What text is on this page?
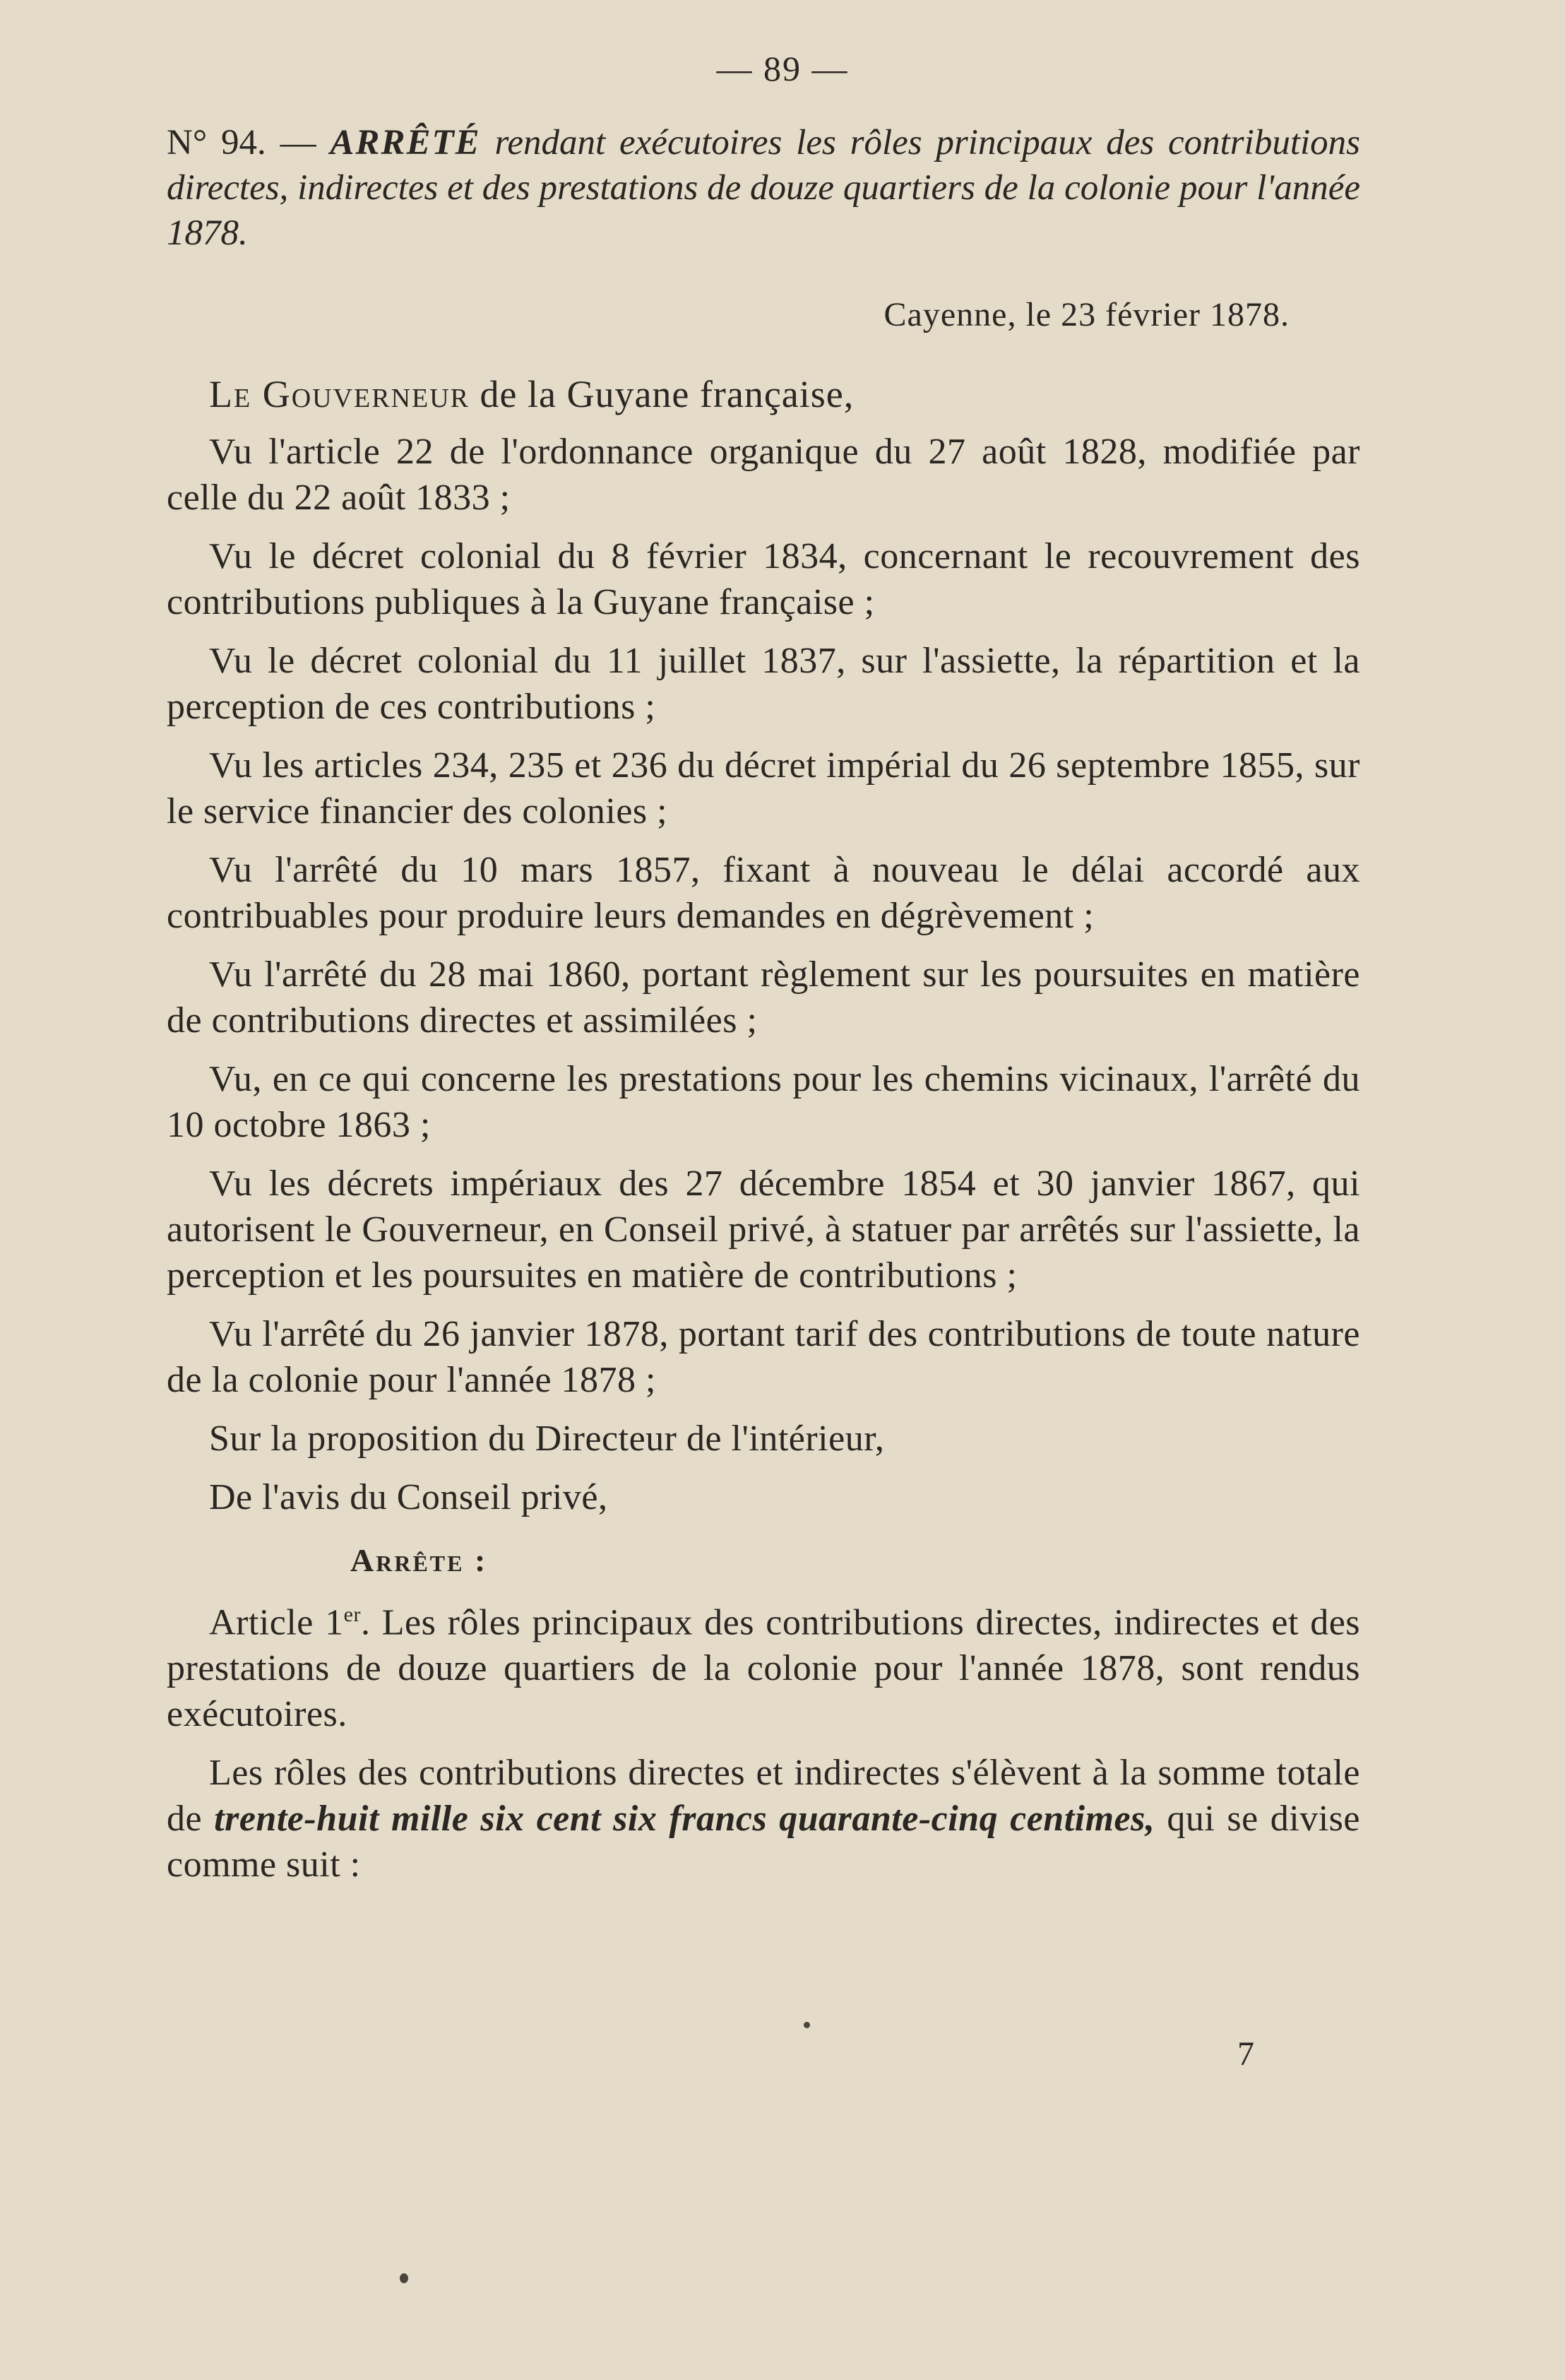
— 89 —

N° 94. — ARRÊTÉ rendant exécutoires les rôles principaux des contributions directes, indirectes et des prestations de douze quartiers de la colonie pour l'année 1878.

Cayenne, le 23 février 1878.
Le Gouverneur de la Guyane française,

Vu l'article 22 de l'ordonnance organique du 27 août 1828, modifiée par celle du 22 août 1833 ;

Vu le décret colonial du 8 février 1834, concernant le recouvrement des contributions publiques à la Guyane française ;

Vu le décret colonial du 11 juillet 1837, sur l'assiette, la répartition et la perception de ces contributions ;

Vu les articles 234, 235 et 236 du décret impérial du 26 septembre 1855, sur le service financier des colonies ;

Vu l'arrêté du 10 mars 1857, fixant à nouveau le délai accordé aux contribuables pour produire leurs demandes en dégrèvement ;

Vu l'arrêté du 28 mai 1860, portant règlement sur les poursuites en matière de contributions directes et assimilées ;

Vu, en ce qui concerne les prestations pour les chemins vicinaux, l'arrêté du 10 octobre 1863 ;

Vu les décrets impériaux des 27 décembre 1854 et 30 janvier 1867, qui autorisent le Gouverneur, en Conseil privé, à statuer par arrêtés sur l'assiette, la perception et les poursuites en matière de contributions ;

Vu l'arrêté du 26 janvier 1878, portant tarif des contributions de toute nature de la colonie pour l'année 1878 ;

Sur la proposition du Directeur de l'intérieur,

De l'avis du Conseil privé,

Arrête :

Article 1er. Les rôles principaux des contributions directes, indirectes et des prestations de douze quartiers de la colonie pour l'année 1878, sont rendus exécutoires.

Les rôles des contributions directes et indirectes s'élèvent à la somme totale de trente-huit mille six cent six francs quarante-cinq centimes, qui se divise comme suit :

7
